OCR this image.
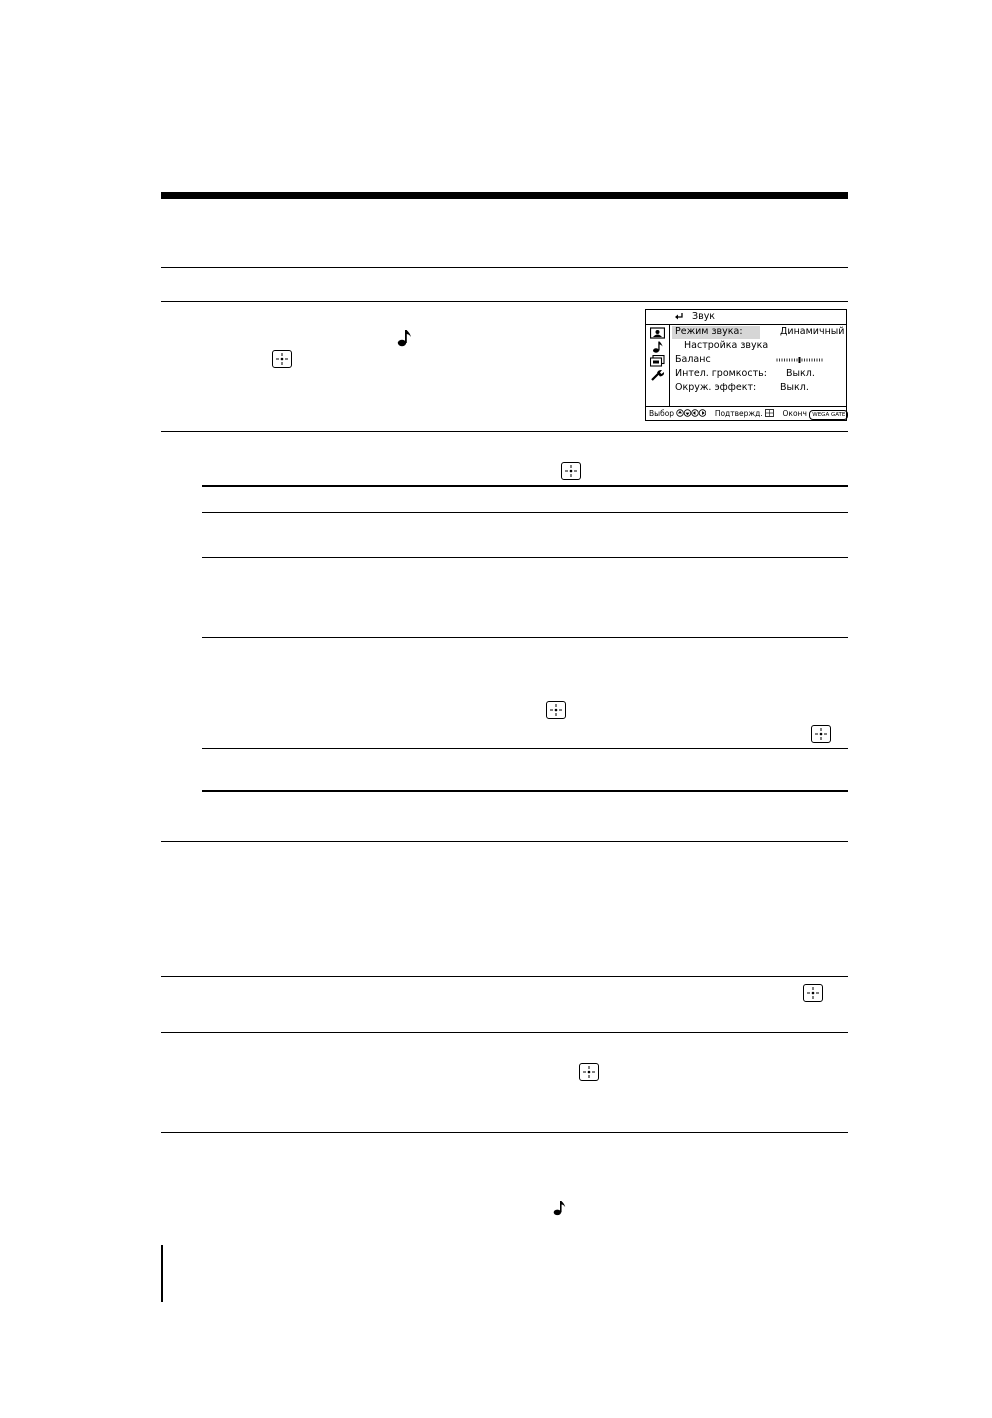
Звук
Режим звука:	Динамичный
Настройка звука
Баланс
Интел. громкость: Выкл.
Окруж. эффект:	Выкл.
Выбор	Подтвержд.	Оконч WEGA GATE
